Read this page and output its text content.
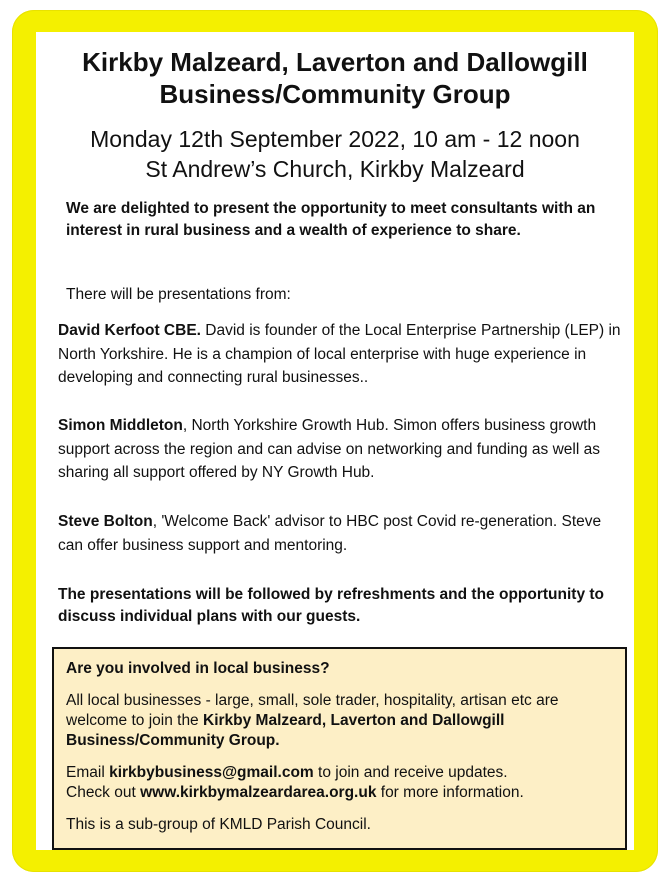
Kirkby Malzeard, Laverton and Dallowgill
Business/Community Group
Monday 12th September 2022, 10 am - 12 noon
St Andrew’s Church, Kirkby Malzeard
We are delighted to present the opportunity to meet consultants with an interest in rural business and a wealth of experience to share.
There will be presentations from:
David Kerfoot CBE. David is founder of the Local Enterprise Partnership (LEP) in North Yorkshire. He is a champion of local enterprise with huge experience in developing and connecting rural businesses..
Simon Middleton, North Yorkshire Growth Hub. Simon offers business growth support across the region and can advise on networking and funding as well as sharing all support offered by NY Growth Hub.
Steve Bolton, 'Welcome Back' advisor to HBC post Covid re-generation. Steve can offer business support and mentoring.
The presentations will be followed by refreshments and the opportunity to discuss individual plans with our guests.

Are you involved in local business?

All local businesses - large, small, sole trader, hospitality, artisan etc are welcome to join the Kirkby Malzeard, Laverton and Dallowgill Business/Community Group.

Email kirkbybusiness@gmail.com to join and receive updates.
Check out www.kirkbymalzeardarea.org.uk for more information.

This is a sub-group of KMLD Parish Council.
